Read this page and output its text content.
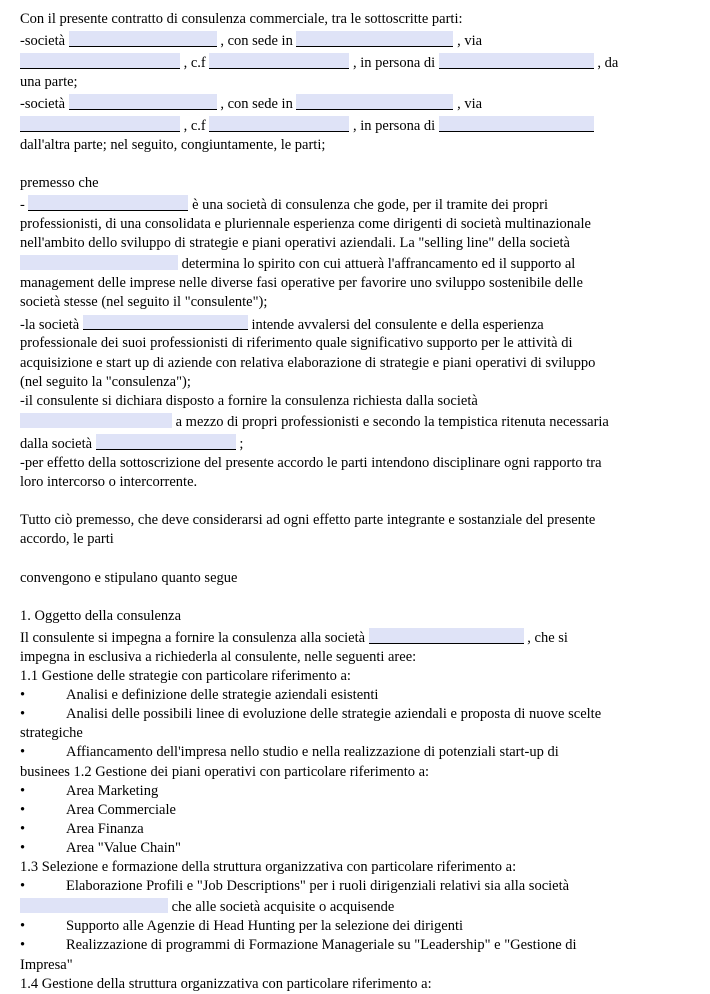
Con il presente contratto di consulenza commerciale, tra le sottoscritte parti:

-società	, con sede in	, via

, c.f	, in persona di	, da

una parte;

-società	, con sede in	, via

, c.f	, in persona di

dall'altra parte; nel seguito, congiuntamente, le parti;

premesso che

-	è una società di consulenza che gode, per il tramite dei propri

professionisti, di una consolidata e pluriennale esperienza come dirigenti di società multinazionale

nell'ambito dello sviluppo di strategie e piani operativi aziendali. La "selling line" della società

determina lo spirito con cui attuerà l'affrancamento ed il supporto al

management delle imprese nelle diverse fasi operative per favorire uno sviluppo sostenibile delle

società stesse (nel seguito il "consulente");

-la società	intende avvalersi del consulente e della esperienza

professionale dei suoi professionisti di riferimento quale significativo supporto per le attività di

acquisizione e start up di aziende con relativa elaborazione di strategie e piani operativi di sviluppo

(nel seguito la "consulenza");

-il consulente si dichiara disposto a fornire la consulenza richiesta dalla società

a mezzo di propri professionisti e secondo la tempistica ritenuta necessaria

dalla società	;

-per effetto della sottoscrizione del presente accordo le parti intendono disciplinare ogni rapporto tra

loro intercorso o intercorrente.

Tutto ciò premesso, che deve considerarsi ad ogni effetto parte integrante e sostanziale del presente

accordo, le parti

convengono e stipulano quanto segue

1. Oggetto della consulenza

Il consulente si impegna a fornire la consulenza alla società	, che si

impegna in esclusiva a richiederla al consulente, nelle seguenti aree:

1.1 Gestione delle strategie con particolare riferimento a:

•	Analisi e definizione delle strategie aziendali esistenti

•	Analisi delle possibili linee di evoluzione delle strategie aziendali e proposta di nuove scelte

strategiche

•	Affiancamento dell'impresa nello studio e nella realizzazione di potenziali start-up di

businees 1.2 Gestione dei piani operativi con particolare riferimento a:

•	Area Marketing

•	Area Commerciale

•	Area Finanza

•	Area "Value Chain"

1.3 Selezione e formazione della struttura organizzativa con particolare riferimento a:

•	Elaborazione Profili e "Job Descriptions" per i ruoli dirigenziali relativi sia alla società

che alle società acquisite o acquisende

•	Supporto alle Agenzie di Head Hunting per la selezione dei dirigenti

•	Realizzazione di programmi di Formazione Manageriale su "Leadership" e "Gestione di

Impresa"

1.4 Gestione della struttura organizzativa con particolare riferimento a:
